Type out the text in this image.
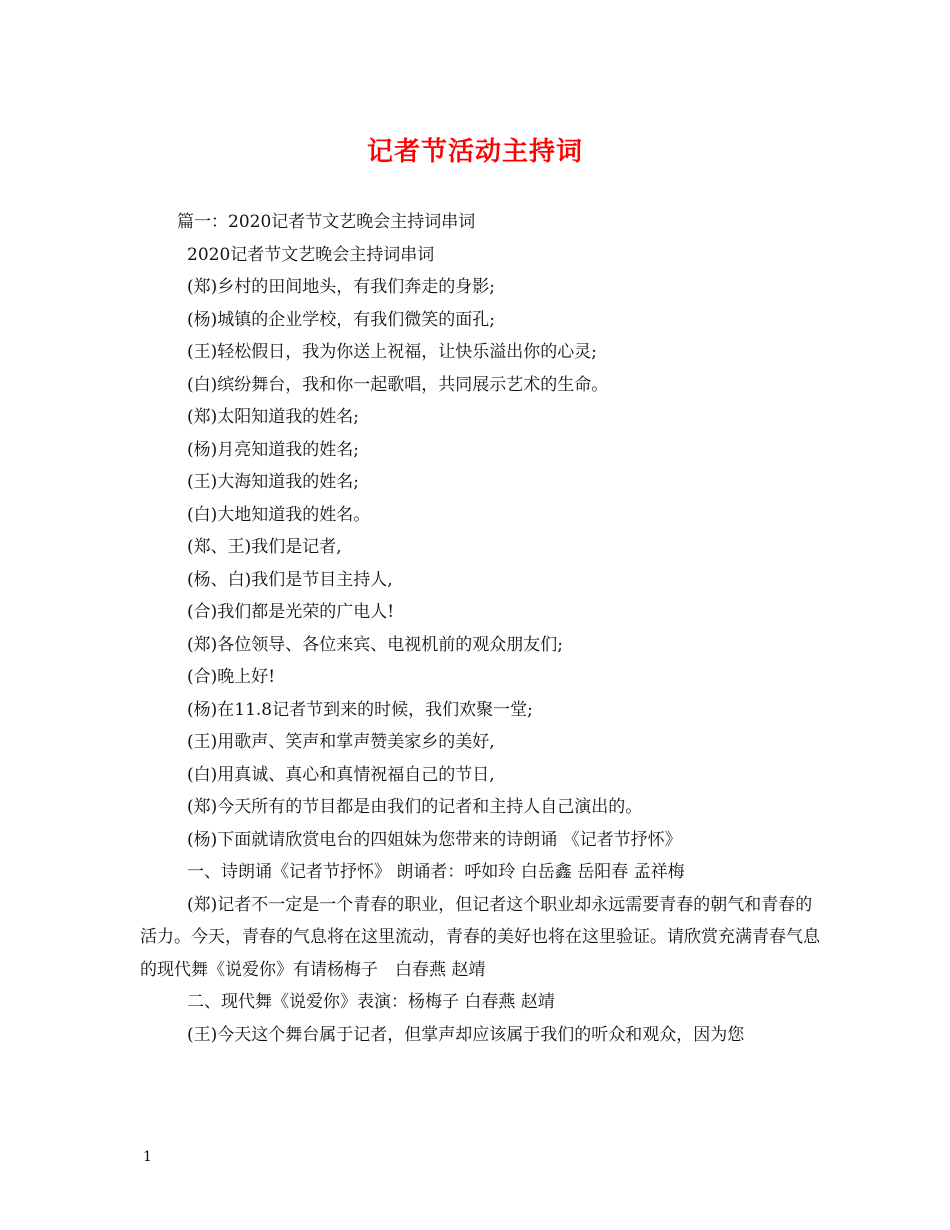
记者节活动主持词

篇一：2020记者节文艺晚会主持词串词

2020记者节文艺晚会主持词串词

(郑)乡村的田间地头，有我们奔走的身影;

(杨)城镇的企业学校，有我们微笑的面孔;

(王)轻松假日，我为你送上祝福，让快乐溢出你的心灵;

(白)缤纷舞台，我和你一起歌唱，共同展示艺术的生命。

(郑)太阳知道我的姓名;

(杨)月亮知道我的姓名;

(王)大海知道我的姓名;

(白)大地知道我的姓名。

(郑、王)我们是记者,

(杨、白)我们是节目主持人,

(合)我们都是光荣的广电人!

(郑)各位领导、各位来宾、电视机前的观众朋友们;

(合)晚上好!

(杨)在11.8记者节到来的时候，我们欢聚一堂;

(王)用歌声、笑声和掌声赞美家乡的美好,

(白)用真诚、真心和真情祝福自己的节日,

(郑)今天所有的节目都是由我们的记者和主持人自己演出的。

(杨)下面就请欣赏电台的四姐妹为您带来的诗朗诵 《记者节抒怀》

一、诗朗诵《记者节抒怀》 朗诵者：呼如玲 白岳鑫 岳阳春 孟祥梅

(郑)记者不一定是一个青春的职业，但记者这个职业却永远需要青春的朝气和青春的活力。今天，青春的气息将在这里流动，青春的美好也将在这里验证。请欣赏充满青春气息的现代舞《说爱你》有请杨梅子　白春燕 赵靖

二、现代舞《说爱你》表演：杨梅子 白春燕 赵靖

(王)今天这个舞台属于记者，但掌声却应该属于我们的听众和观众，因为您

1
